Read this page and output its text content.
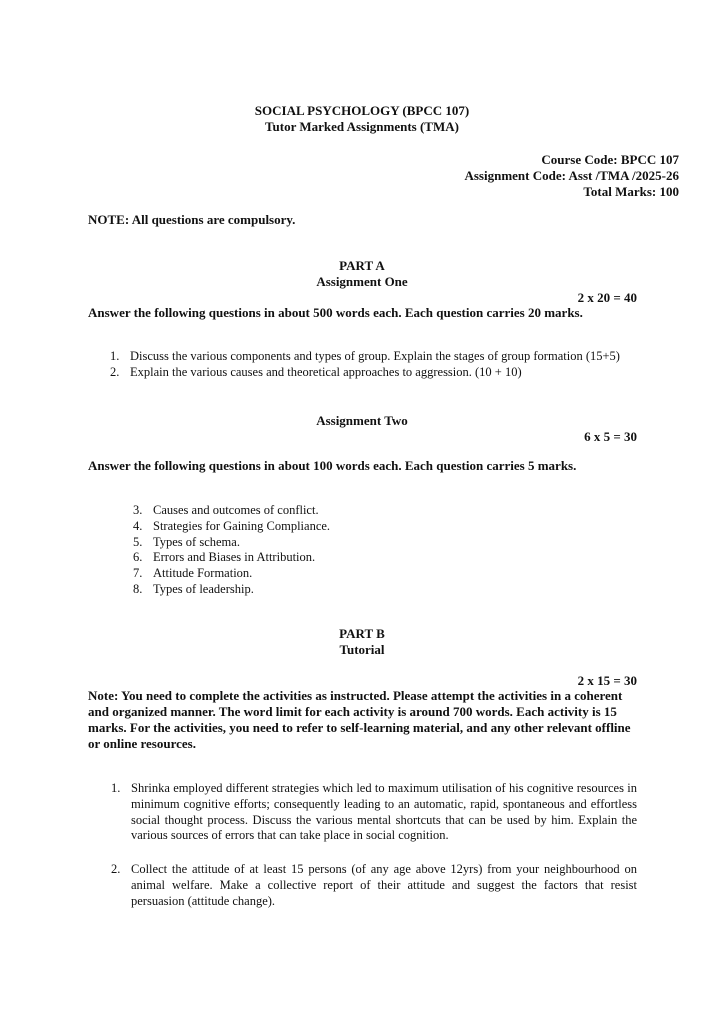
SOCIAL PSYCHOLOGY (BPCC 107)
Tutor Marked Assignments (TMA)
Course Code: BPCC 107
Assignment Code: Asst /TMA /2025-26
Total Marks: 100
NOTE: All questions are compulsory.
PART A
Assignment One
2 x 20 = 40
Answer the following questions in about 500 words each. Each question carries 20 marks.
1. Discuss the various components and types of group. Explain the stages of group formation (15+5)
2. Explain the various causes and theoretical approaches to aggression. (10 + 10)
Assignment Two
6 x 5 = 30
Answer the following questions in about 100 words each. Each question carries 5 marks.
3. Causes and outcomes of conflict.
4. Strategies for Gaining Compliance.
5. Types of schema.
6. Errors and Biases in Attribution.
7. Attitude Formation.
8. Types of leadership.
PART B
Tutorial
2 x 15 = 30
Note: You need to complete the activities as instructed. Please attempt the activities in a coherent and organized manner. The word limit for each activity is around 700 words. Each activity is 15 marks. For the activities, you need to refer to self-learning material, and any other relevant offline or online resources.
1. Shrinka employed different strategies which led to maximum utilisation of his cognitive resources in minimum cognitive efforts; consequently leading to an automatic, rapid, spontaneous and effortless social thought process. Discuss the various mental shortcuts that can be used by him. Explain the various sources of errors that can take place in social cognition.
2. Collect the attitude of at least 15 persons (of any age above 12yrs) from your neighbourhood on animal welfare. Make a collective report of their attitude and suggest the factors that resist persuasion (attitude change).
